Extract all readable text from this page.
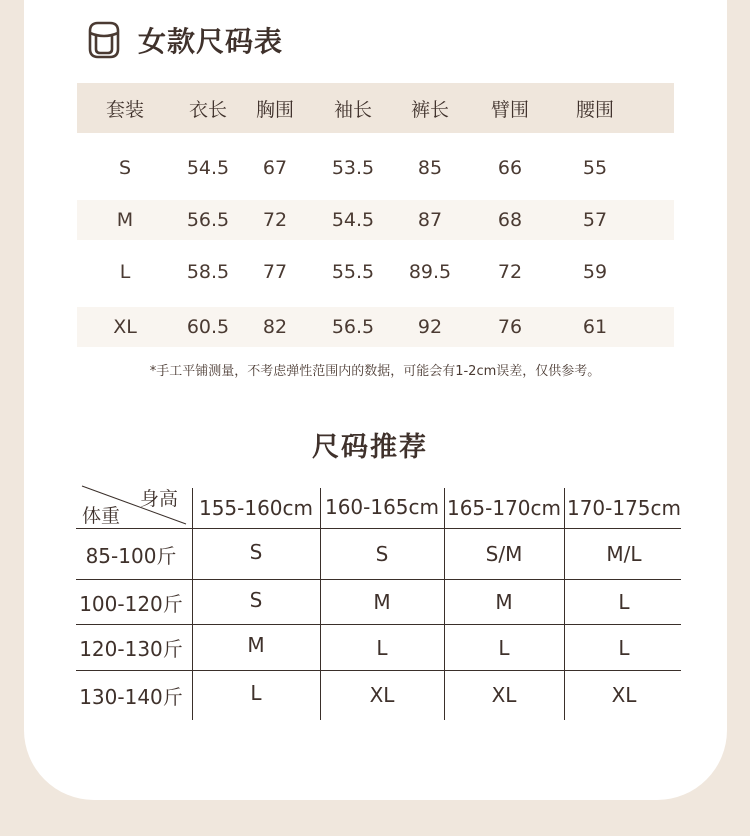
女款尺码表
套装	衣长	胸围	袖长	裤长	臂围	腰围
S	54.5	67	53.5	85	66	55
M	56.5	72	54.5	87	68	57
L	58.5	77	55.5	89.5	72	59
XL	60.5	82	56.5	92	76	61
*手工平铺测量，不考虑弹性范围内的数据，可能会有1-2cm误差，仅供参考。
尺码推荐
身高
体重	155-160cm 160-165cm 165-170cm 170-175cm
85-100斤	S	S	S/M	M/L
100-120斤	S	M	M	L
120-130斤	M	L	L	L
130-140斤	L	XL	XL	XL
